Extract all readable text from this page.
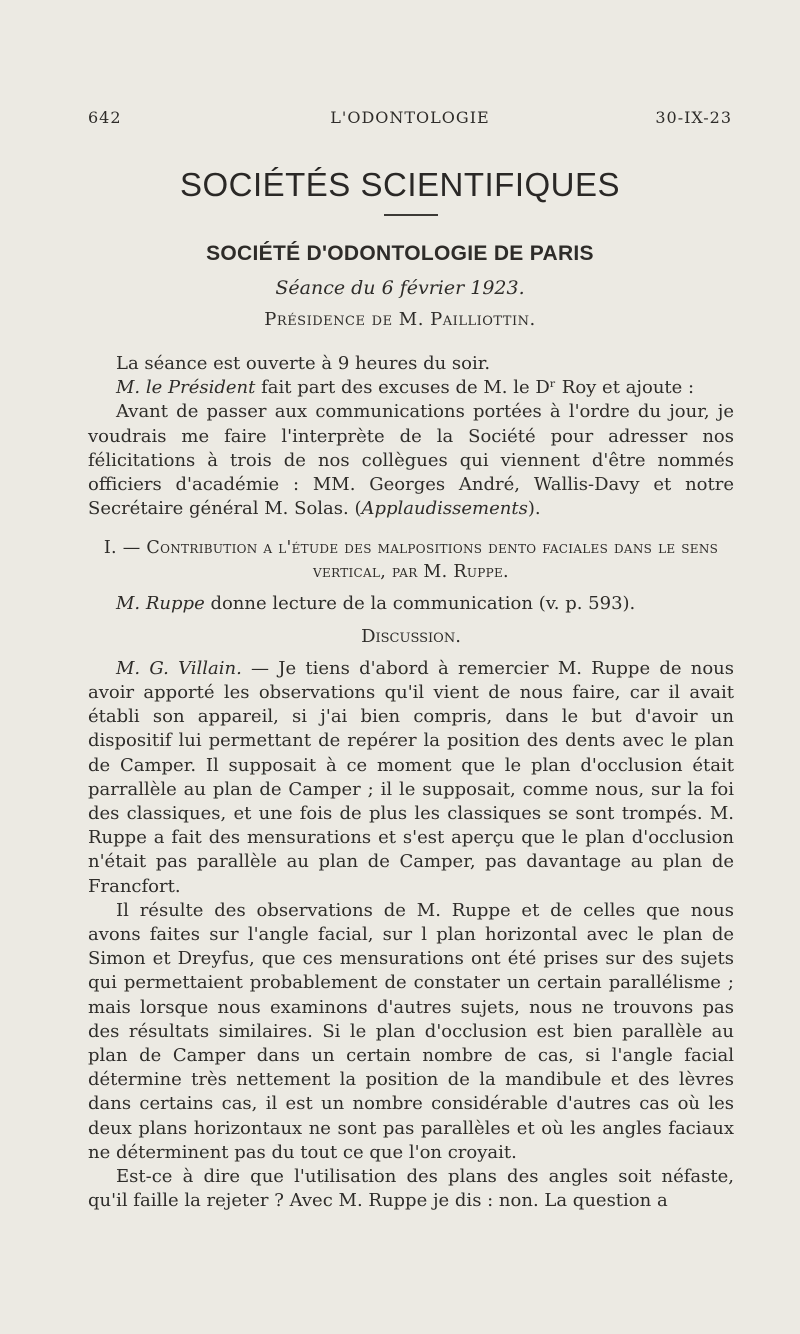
642	L'ODONTOLOGIE	30-IX-23
SOCIÉTÉS SCIENTIFIQUES
SOCIÉTÉ D'ODONTOLOGIE DE PARIS
Séance du 6 février 1923.
Présidence de M. Pailliottin.

La séance est ouverte à 9 heures du soir.

M. le Président fait part des excuses de M. le Dʳ Roy et ajoute :

Avant de passer aux communications portées à l'ordre du jour, je voudrais me faire l'interprète de la Société pour adresser nos félicitations à trois de nos collègues qui viennent d'être nommés officiers d'académie : MM. Georges André, Wallis-Davy et notre Secrétaire général M. Solas. (Applaudissements).

I. — Contribution a l'étude des malpositions dento faciales dans le sens vertical, par M. Ruppe.

M. Ruppe donne lecture de la communication (v. p. 593).

Discussion.

M. G. Villain. — Je tiens d'abord à remercier M. Ruppe de nous avoir apporté les observations qu'il vient de nous faire, car il avait établi son appareil, si j'ai bien compris, dans le but d'avoir un dispositif lui permettant de repérer la position des dents avec le plan de Camper. Il supposait à ce moment que le plan d'occlusion était parrallèle au plan de Camper ; il le supposait, comme nous, sur la foi des classiques, et une fois de plus les classiques se sont trompés. M. Ruppe a fait des mensurations et s'est aperçu que le plan d'occlusion n'était pas parallèle au plan de Camper, pas davantage au plan de Francfort.

Il résulte des observations de M. Ruppe et de celles que nous avons faites sur l'angle facial, sur l plan horizontal avec le plan de Simon et Dreyfus, que ces mensurations ont été prises sur des sujets qui permettaient probablement de constater un certain parallélisme ; mais lorsque nous examinons d'autres sujets, nous ne trouvons pas des résultats similaires. Si le plan d'occlusion est bien parallèle au plan de Camper dans un certain nombre de cas, si l'angle facial détermine très nettement la position de la mandibule et des lèvres dans certains cas, il est un nombre considérable d'autres cas où les deux plans horizontaux ne sont pas parallèles et où les angles faciaux ne déterminent pas du tout ce que l'on croyait.

Est-ce à dire que l'utilisation des plans des angles soit néfaste, qu'il faille la rejeter ? Avec M. Ruppe je dis : non. La question a
